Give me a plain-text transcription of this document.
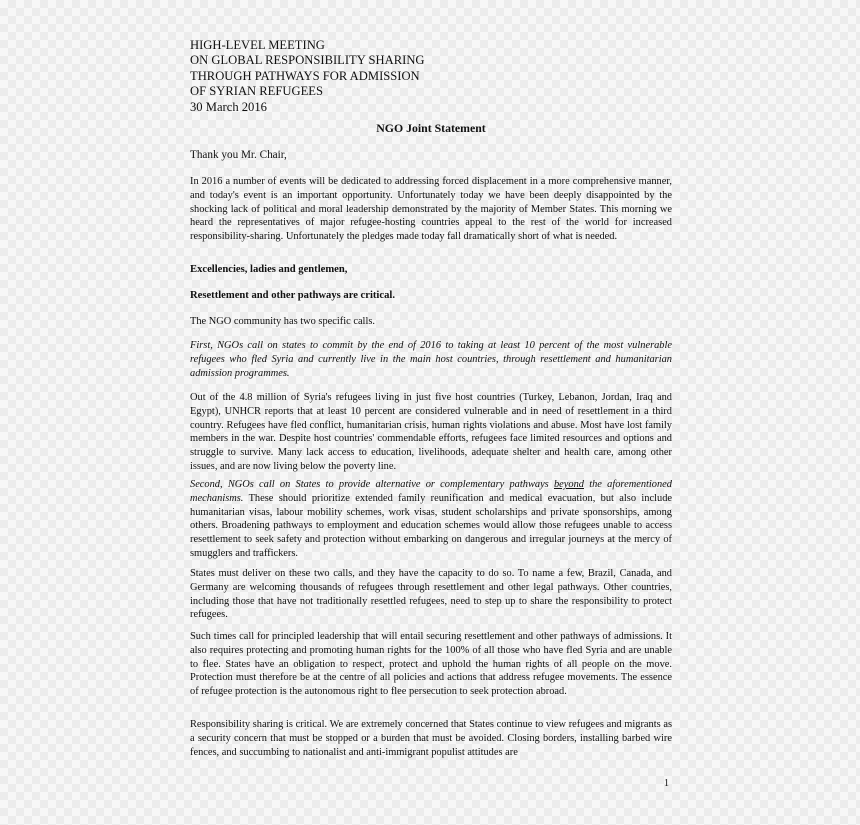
HIGH-LEVEL MEETING
ON GLOBAL RESPONSIBILITY SHARING
THROUGH PATHWAYS FOR ADMISSION
OF SYRIAN REFUGEES
30 March 2016
NGO Joint Statement
Thank you Mr. Chair,

In 2016 a number of events will be dedicated to addressing forced displacement in a more comprehensive manner, and today's event is an important opportunity. Unfortunately today we have been deeply disappointed by the shocking lack of political and moral leadership demonstrated by the majority of Member States. This morning we heard the representatives of major refugee-hosting countries appeal to the rest of the world for increased responsibility-sharing. Unfortunately the pledges made today fall dramatically short of what is needed.

Excellencies, ladies and gentlemen,

Resettlement and other pathways are critical.

The NGO community has two specific calls.

First, NGOs call on states to commit by the end of 2016 to taking at least 10 percent of the most vulnerable refugees who fled Syria and currently live in the main host countries, through resettlement and humanitarian admission programmes.

Out of the 4.8 million of Syria's refugees living in just five host countries (Turkey, Lebanon, Jordan, Iraq and Egypt), UNHCR reports that at least 10 percent are considered vulnerable and in need of resettlement in a third country. Refugees have fled conflict, humanitarian crisis, human rights violations and abuse. Most have lost family members in the war. Despite host countries' commendable efforts, refugees face limited resources and options and struggle to survive. Many lack access to education, livelihoods, adequate shelter and health care, among other issues, and are now living below the poverty line.

Second, NGOs call on States to provide alternative or complementary pathways beyond the aforementioned mechanisms. These should prioritize extended family reunification and medical evacuation, but also include humanitarian visas, labour mobility schemes, work visas, student scholarships and private sponsorships, among others. Broadening pathways to employment and education schemes would allow those refugees unable to access resettlement to seek safety and protection without embarking on dangerous and irregular journeys at the mercy of smugglers and traffickers.

States must deliver on these two calls, and they have the capacity to do so. To name a few, Brazil, Canada, and Germany are welcoming thousands of refugees through resettlement and other legal pathways. Other countries, including those that have not traditionally resettled refugees, need to step up to share the responsibility to protect refugees.

Such times call for principled leadership that will entail securing resettlement and other pathways of admissions. It also requires protecting and promoting human rights for the 100% of all those who have fled Syria and are unable to flee. States have an obligation to respect, protect and uphold the human rights of all people on the move. Protection must therefore be at the centre of all policies and actions that address refugee movements. The essence of refugee protection is the autonomous right to flee persecution to seek protection abroad.

Responsibility sharing is critical. We are extremely concerned that States continue to view refugees and migrants as a security concern that must be stopped or a burden that must be avoided. Closing borders, installing barbed wire fences, and succumbing to nationalist and anti-immigrant populist attitudes are

1
